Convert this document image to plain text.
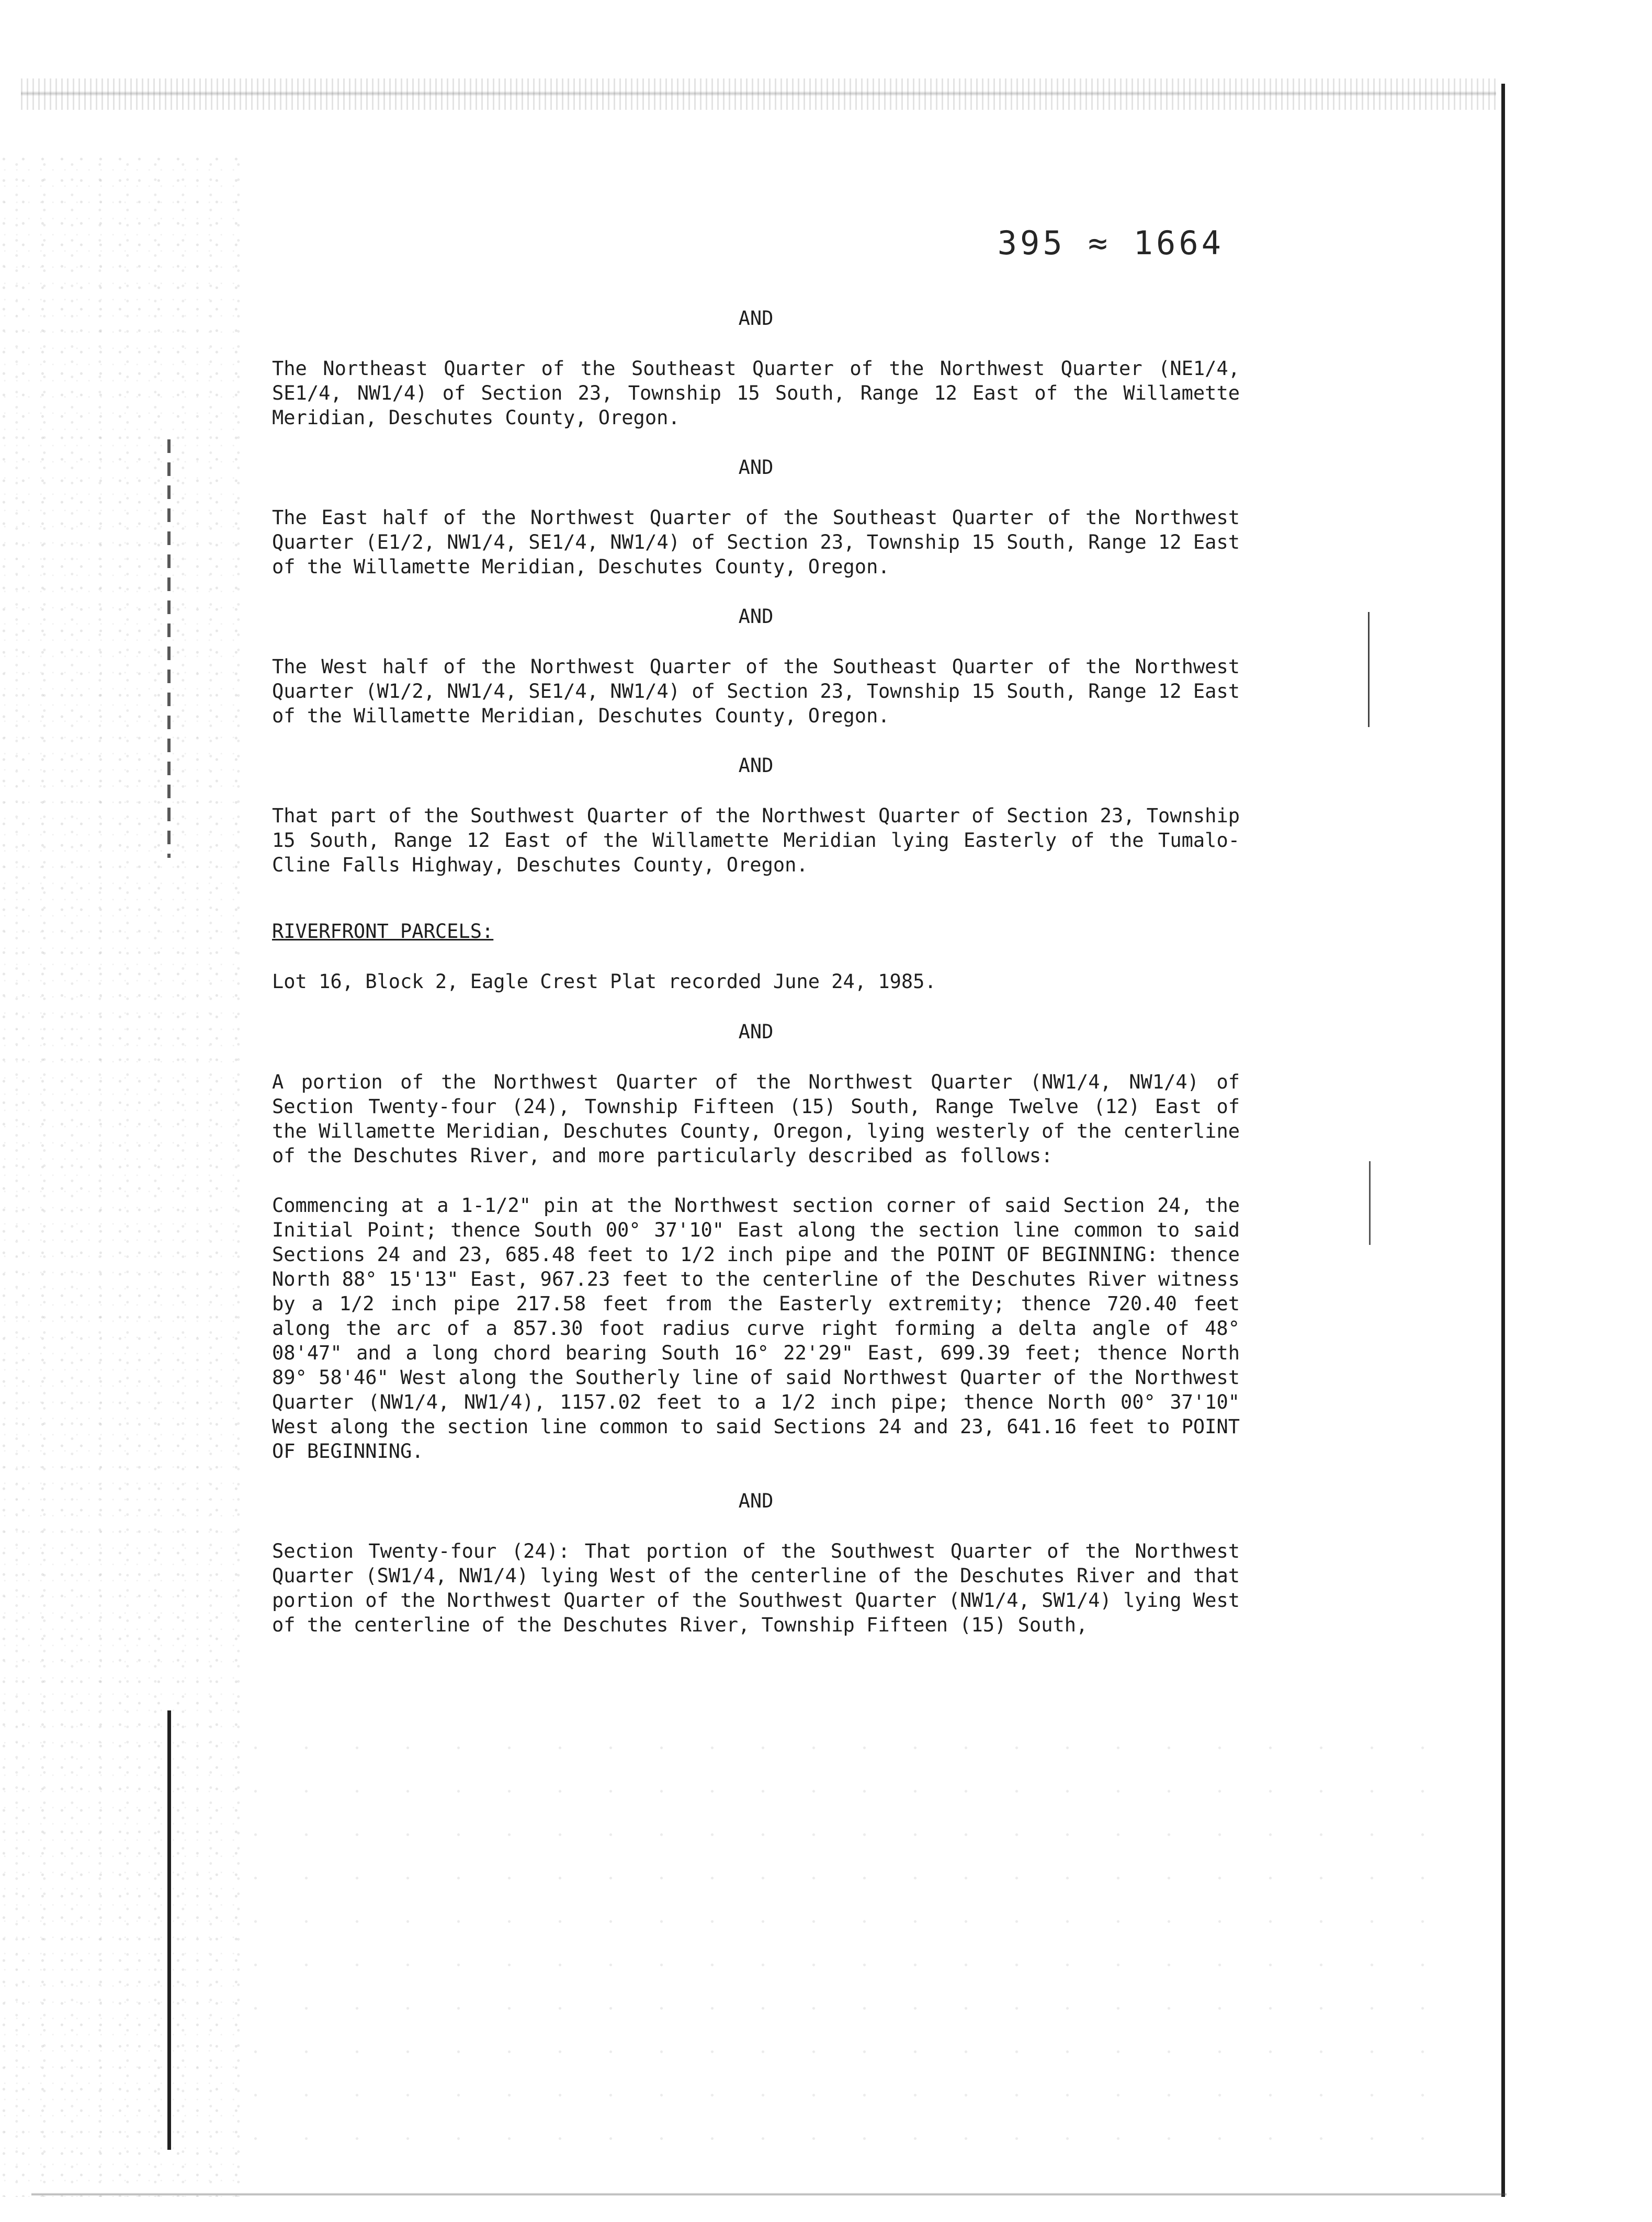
395 ≈ 1664
AND
The Northeast Quarter of the Southeast Quarter of the Northwest Quarter (NE1/4, SE1/4, NW1/4) of Section 23, Township 15 South, Range 12 East of the Willamette Meridian, Deschutes County, Oregon.
AND
The East half of the Northwest Quarter of the Southeast Quarter of the Northwest Quarter (E1/2, NW1/4, SE1/4, NW1/4) of Section 23, Township 15 South, Range 12 East of the Willamette Meridian, Deschutes County, Oregon.
AND
The West half of the Northwest Quarter of the Southeast Quarter of the Northwest Quarter (W1/2, NW1/4, SE1/4, NW1/4) of Section 23, Township 15 South, Range 12 East of the Willamette Meridian, Deschutes County, Oregon.
AND
That part of the Southwest Quarter of the Northwest Quarter of Section 23, Township 15 South, Range 12 East of the Willamette Meridian lying Easterly of the Tumalo-Cline Falls Highway, Deschutes County, Oregon.
RIVERFRONT PARCELS:
Lot 16, Block 2, Eagle Crest Plat recorded June 24, 1985.
AND
A portion of the Northwest Quarter of the Northwest Quarter (NW1/4, NW1/4) of Section Twenty-four (24), Township Fifteen (15) South, Range Twelve (12) East of the Willamette Meridian, Deschutes County, Oregon, lying westerly of the centerline of the Deschutes River, and more particularly described as follows:
Commencing at a 1-1/2" pin at the Northwest section corner of said Section 24, the Initial Point; thence South 00° 37'10" East along the section line common to said Sections 24 and 23, 685.48 feet to 1/2 inch pipe and the POINT OF BEGINNING: thence North 88° 15'13" East, 967.23 feet to the centerline of the Deschutes River witness by a 1/2 inch pipe 217.58 feet from the Easterly extremity; thence 720.40 feet along the arc of a 857.30 foot radius curve right forming a delta angle of 48° 08'47" and a long chord bearing South 16° 22'29" East, 699.39 feet; thence North 89° 58'46" West along the Southerly line of said Northwest Quarter of the Northwest Quarter (NW1/4, NW1/4), 1157.02 feet to a 1/2 inch pipe; thence North 00° 37'10" West along the section line common to said Sections 24 and 23, 641.16 feet to POINT OF BEGINNING.
AND
Section Twenty-four (24): That portion of the Southwest Quarter of the Northwest Quarter (SW1/4, NW1/4) lying West of the centerline of the Deschutes River and that portion of the Northwest Quarter of the Southwest Quarter (NW1/4, SW1/4) lying West of the centerline of the Deschutes River, Township Fifteen (15) South,
